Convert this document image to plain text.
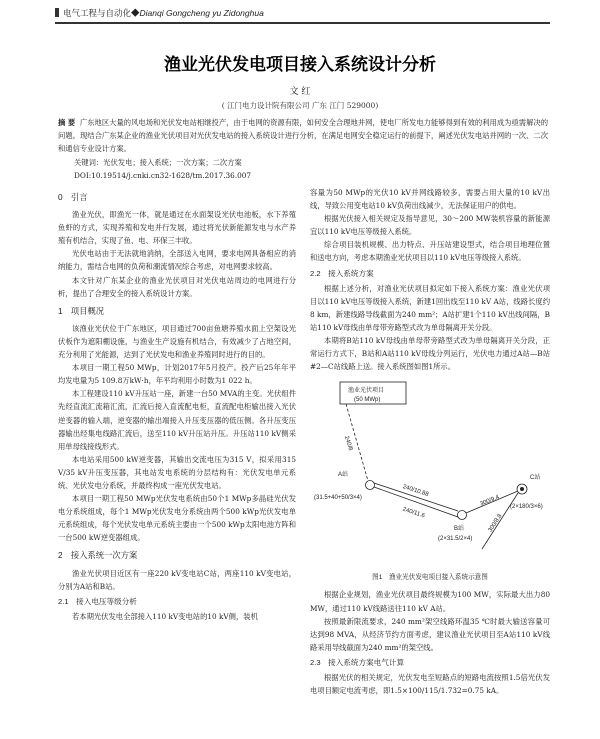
电气工程与自动化◆Dianqi Gongcheng yu Zidonghua
渔业光伏发电项目接入系统设计分析
文 红
( 江门电力设计院有限公司 广东 江门 529000)
摘 要 广东地区大量的风电场和光伏发电站相继投产，由于电网的资源有限，如何安全合理地并网，使电厂所发电力能够得到有效的利用成为亟需解决的问题。现结合广东某企业的渔业光伏项目对光伏发电站的接入系统设计进行分析，在满足电网安全稳定运行的前提下，阐述光伏发电站并网的一次、二次和通信专业设计方案。
关键词：光伏发电；接入系统；一次方案；二次方案
DOI:10.19514/j.cnki.cn32-1628/tm.2017.36.007
0　引言

渔业光伏，即渔光一体，就是通过在水面架设光伏电池板，水下养殖鱼虾的方式，实现养殖和发电并行发展，通过将光伏新能源发电与水产养殖有机结合，实现了鱼、电、环保三丰收。

光伏电站由于无法就地消纳，全部送入电网，要求电网具备相应的消纳能力，需结合电网的负荷和潮流情况综合考虑，对电网要求较高。

本文针对广东某企业的渔业光伏项目对光伏电站周边的电网进行分析，提出了合理安全的接入系统设计方案。

1　项目概况

该渔业光伏位于广东地区，项目通过700亩鱼塘养殖水面上空架设光伏板作为遮阳棚设施，与渔业生产设施有机结合，有效减少了占地空间，充分利用了光能源，达到了光伏发电和渔业养殖同时进行的目的。

本项目一期工程50 MWp，计划2017年5月投产。投产后25年年平均发电量为5 109.8万kW·h，年平均利用小时数为1 022 h。

本工程建设110 kV升压站一座，新建一台50 MVA的主变。光伏组件先经直流汇流箱汇流，汇流后接入直流配电柜，直流配电柜输出接入光伏逆变器的输入端，逆变器的输出端接入升压变压器的低压侧。各升压变压器输出经集电线路汇流后，送至110 kV升压站升压。升压站110 kV侧采用单母线接线形式。

本电站采用500 kW逆变器，其输出交流电压为315 V，拟采用315 V/35 kV升压变压器，其电站发电系统的分层结构有：光伏发电单元系统、光伏发电分系统，并最终构成一座光伏发电站。

本项目一期工程50 MWp光伏发电系统由50个1 MWp多晶硅光伏发电分系统组成，每个1 MWp光伏发电分系统由两个500 kWp光伏发电单元系统组成，每个光伏发电单元系统主要由一个500 kWp太阳电池方阵和一台500 kW逆变器组成。

2　接入系统一次方案

渔业光伏项目近区有一座220 kV变电站C站，两座110 kV变电站，分别为A站和B站。

2.1　接入电压等级分析

若本期光伏发电全部接入110 kV变电站的10 kV侧，装机

容量为50 MWp的光伏10 kV并网线路较多，需要占用大量的10 kV出线，导致公用变电站10 kV负荷出线减少，无法保证用户的供电。

根据光伏接入相关规定及指导意见，30～200 MW装机容量的新能源宜以110 kV电压等级接入系统。

综合项目装机规模、出力特点、升压站建设型式，结合项目地理位置和送电方向，考虑本期渔业光伏项目以110 kV电压等级接入系统。

2.2　接入系统方案

根据上述分析，对渔业光伏项目拟定如下接入系统方案：渔业光伏项目以110 kV电压等级接入系统，新建1回出线至110 kV A站，线路长度约8 km，新建线路导线截面为240 mm²；A站扩建1个110 kV出线间隔，B站110 kV母线由单母带旁路型式改为单母隔离开关分段。

本期将B站110 kV母线由单母带旁路型式改为单母隔离开关分段，正常运行方式下，B站和A站110 kV母线分列运行，光伏电力通过A站—B站#2—C站线路上送。接入系统图如图1所示。

渔业光伏项目
(50 MWp)
240/8
A站
(31.5+40+50/3×4)	240/10.88
240/11.6
B站
(2×31.5/2×4)
300/9.4
C站
(2×180/3×6)
300/8.8
图1　渔业光伏发电项目接入系统示意图

根据企业规划，渔业光伏项目最终规模为100 MW，实际最大出力80 MW，通过110 kV线路送往110 kV A站。

按照最新限流要求，240 mm²架空线路环温35 ℃时最大输送容量可达到98 MVA，从经济节约方面考虑，建议渔业光伏项目至A站110 kV线路采用导线截面为240 mm²的架空线。

2.3　接入系统方案电气计算

根据光伏的相关规定，光伏发电至短路点的短路电流按照1.5倍光伏发电项目额定电流考虑，即1.5×100/115/1.732=0.75 kA。
